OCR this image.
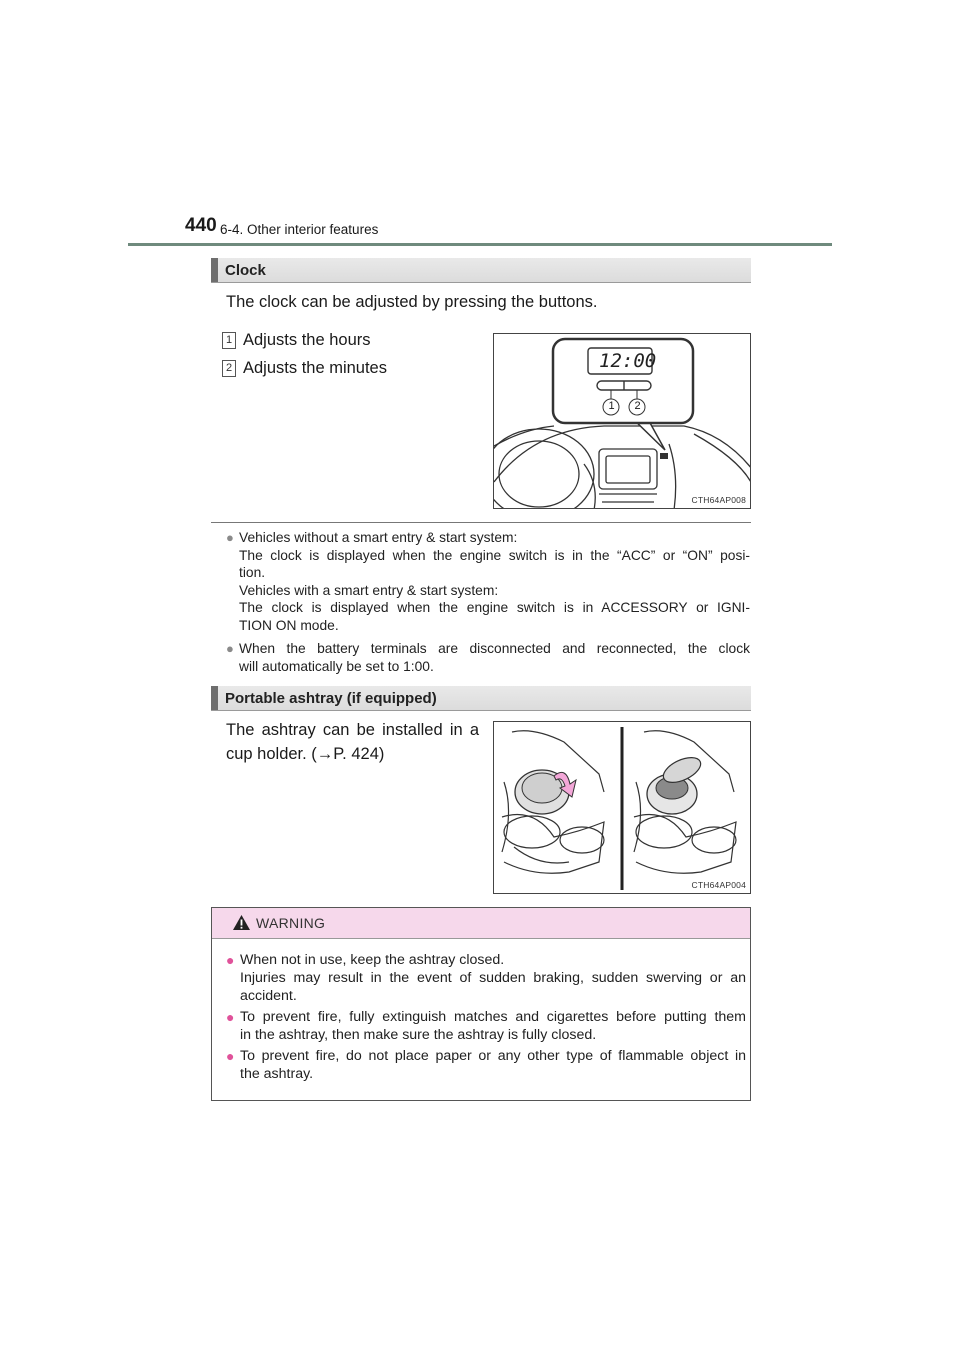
440 6-4. Other interior features
Clock
The clock can be adjusted by pressing the buttons.
1 Adjusts the hours
2 Adjusts the minutes	12:00
1 2
CTH64AP008
● Vehicles without a smart entry & start system:
The clock is displayed when the engine switch is in the “ACC” or “ON” posi-
tion.
Vehicles with a smart entry & start system:
The clock is displayed when the engine switch is in ACCESSORY or IGNI-
TION ON mode.
● When the battery terminals are disconnected and reconnected, the clock
will automatically be set to 1:00.
Portable ashtray (if equipped)
The ashtray can be installed in a
cup holder. (→P. 424)
CTH64AP004
WARNING
● When not in use, keep the ashtray closed.
Injuries may result in the event of sudden braking, sudden swerving or an
accident.
● To prevent fire, fully extinguish matches and cigarettes before putting them
in the ashtray, then make sure the ashtray is fully closed.
● To prevent fire, do not place paper or any other type of flammable object in
the ashtray.
